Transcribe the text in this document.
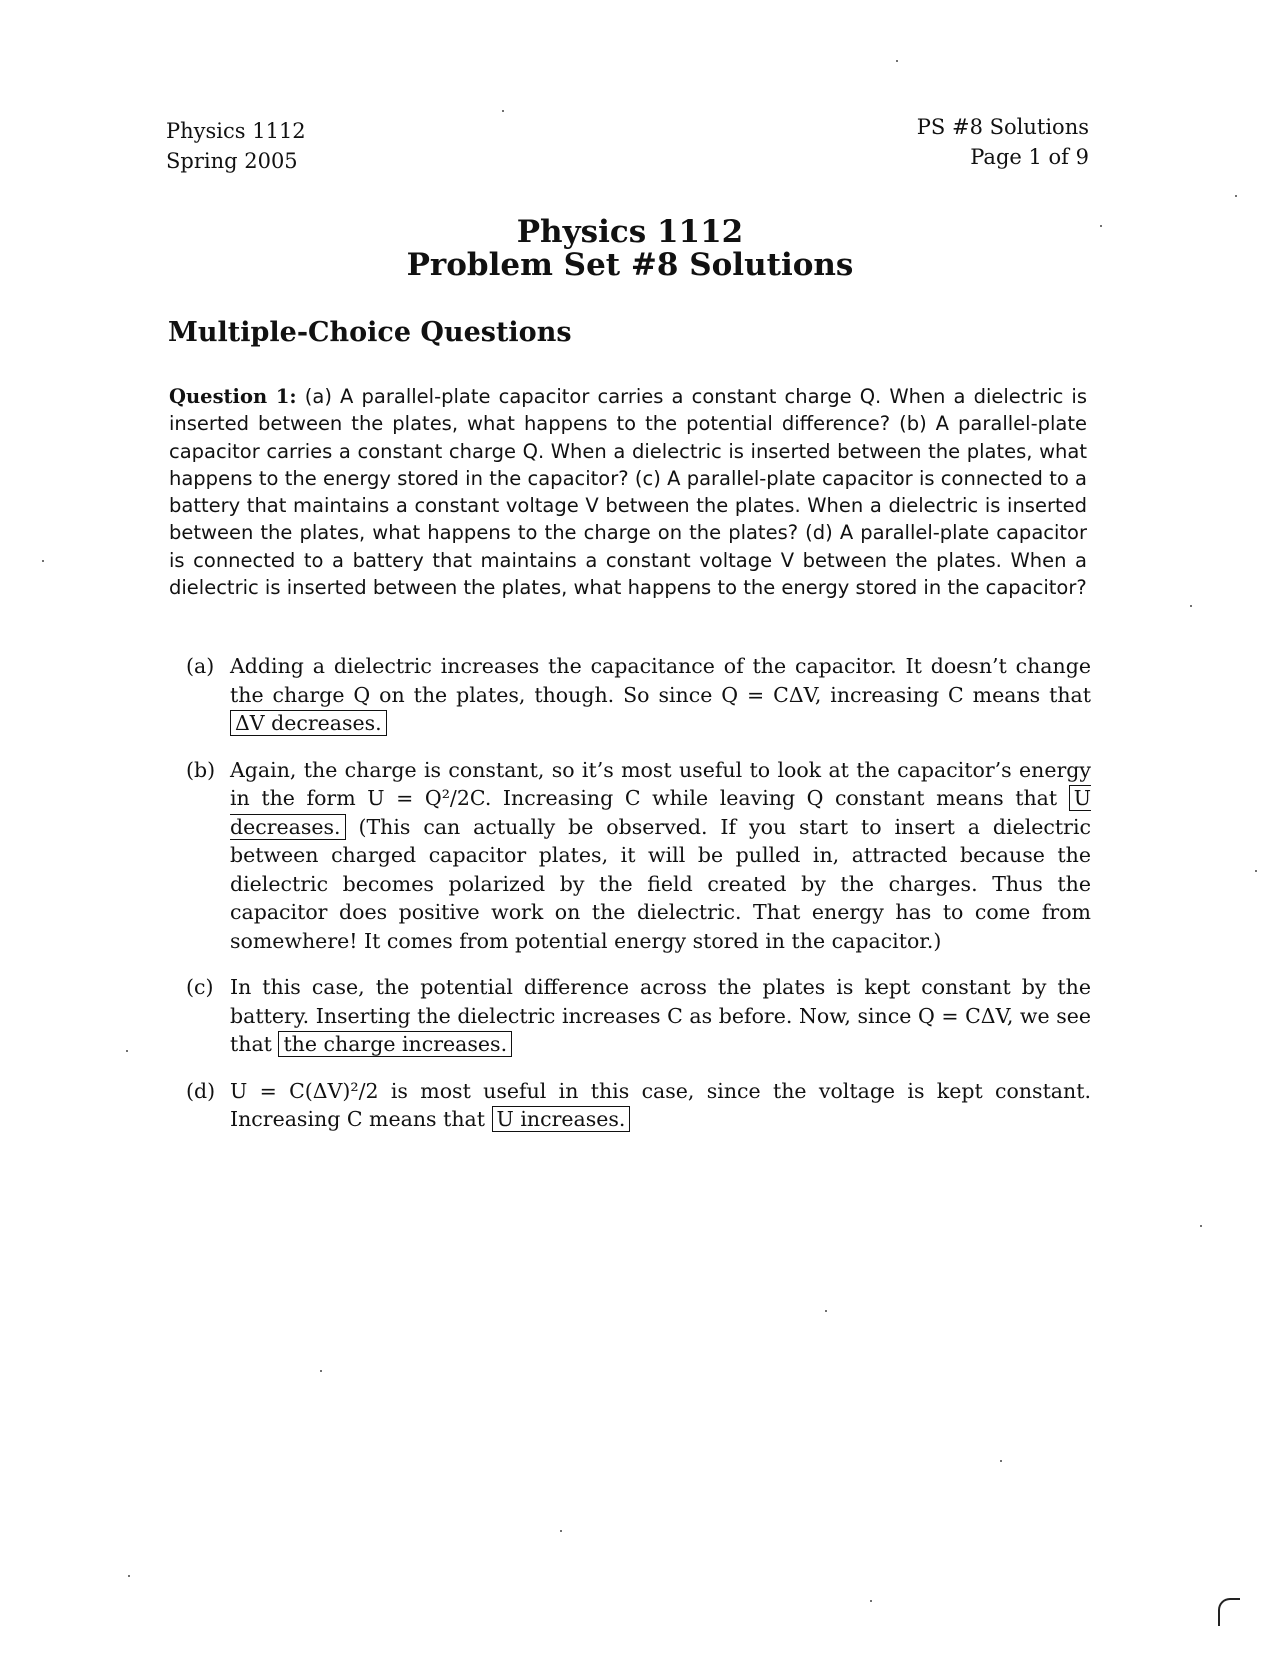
Physics 1112
Spring 2005
PS #8 Solutions
Page 1 of 9
Physics 1112
Problem Set #8 Solutions
Multiple-Choice Questions
Question 1: (a) A parallel-plate capacitor carries a constant charge Q. When a dielectric is inserted between the plates, what happens to the potential difference? (b) A parallel-plate capacitor carries a constant charge Q. When a dielectric is inserted between the plates, what happens to the energy stored in the capacitor? (c) A parallel-plate capacitor is connected to a battery that maintains a constant voltage V between the plates. When a dielectric is inserted between the plates, what happens to the charge on the plates? (d) A parallel-plate capacitor is connected to a battery that maintains a constant voltage V between the plates. When a dielectric is inserted between the plates, what happens to the energy stored in the capacitor?
(a) Adding a dielectric increases the capacitance of the capacitor. It doesn’t change the charge Q on the plates, though. So since Q = CΔV, increasing C means that ΔV decreases.
(b) Again, the charge is constant, so it’s most useful to look at the capacitor’s energy in the form U = Q²/2C. Increasing C while leaving Q constant means that U decreases. (This can actually be observed. If you start to insert a dielectric between charged capacitor plates, it will be pulled in, attracted because the dielectric becomes polarized by the field created by the charges. Thus the capacitor does positive work on the dielectric. That energy has to come from somewhere! It comes from potential energy stored in the capacitor.)
(c) In this case, the potential difference across the plates is kept constant by the battery. Inserting the dielectric increases C as before. Now, since Q = CΔV, we see that the charge increases.
(d) U = C(ΔV)²/2 is most useful in this case, since the voltage is kept constant. Increasing C means that U increases.
